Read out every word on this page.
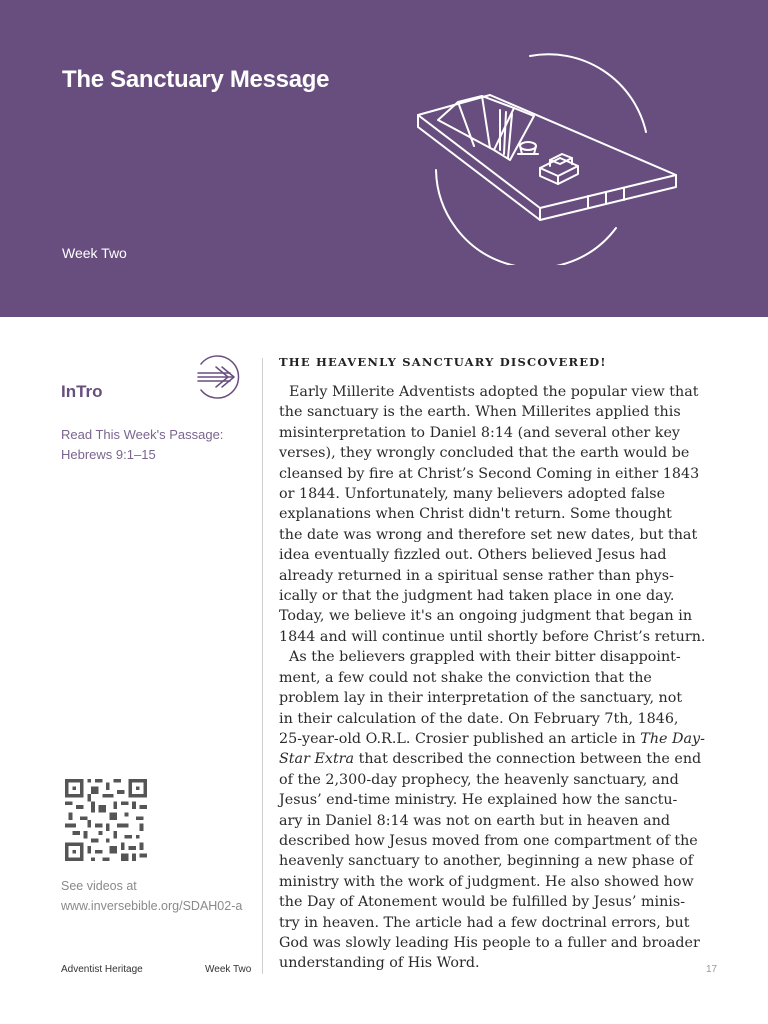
The Sanctuary Message
Week Two
InTro
Read This Week's Passage:
Hebrews 9:1–15
See videos at
www.inversebible.org/SDAH02-a
Adventist Heritage	Week Two
THE HEAVENLY SANCTUARY DISCOVERED!
Early Millerite Adventists adopted the popular view that
the sanctuary is the earth. When Millerites applied this
misinterpretation to Daniel 8:14 (and several other key
verses), they wrongly concluded that the earth would be
cleansed by fire at Christ’s Second Coming in either 1843
or 1844. Unfortunately, many believers adopted false
explanations when Christ didn't return. Some thought
the date was wrong and therefore set new dates, but that
idea eventually fizzled out. Others believed Jesus had
already returned in a spiritual sense rather than phys-
ically or that the judgment had taken place in one day.
Today, we believe it's an ongoing judgment that began in
1844 and will continue until shortly before Christ’s return.
As the believers grappled with their bitter disappoint-
ment, a few could not shake the conviction that the
problem lay in their interpretation of the sanctuary, not
in their calculation of the date. On February 7th, 1846,
25-year-old O.R.L. Crosier published an article in The Day-
Star Extra that described the connection between the end
of the 2,300-day prophecy, the heavenly sanctuary, and
Jesus’ end-time ministry. He explained how the sanctu-
ary in Daniel 8:14 was not on earth but in heaven and
described how Jesus moved from one compartment of the
heavenly sanctuary to another, beginning a new phase of
ministry with the work of judgment. He also showed how
the Day of Atonement would be fulfilled by Jesus’ minis-
try in heaven. The article had a few doctrinal errors, but
God was slowly leading His people to a fuller and broader
understanding of His Word.	17
